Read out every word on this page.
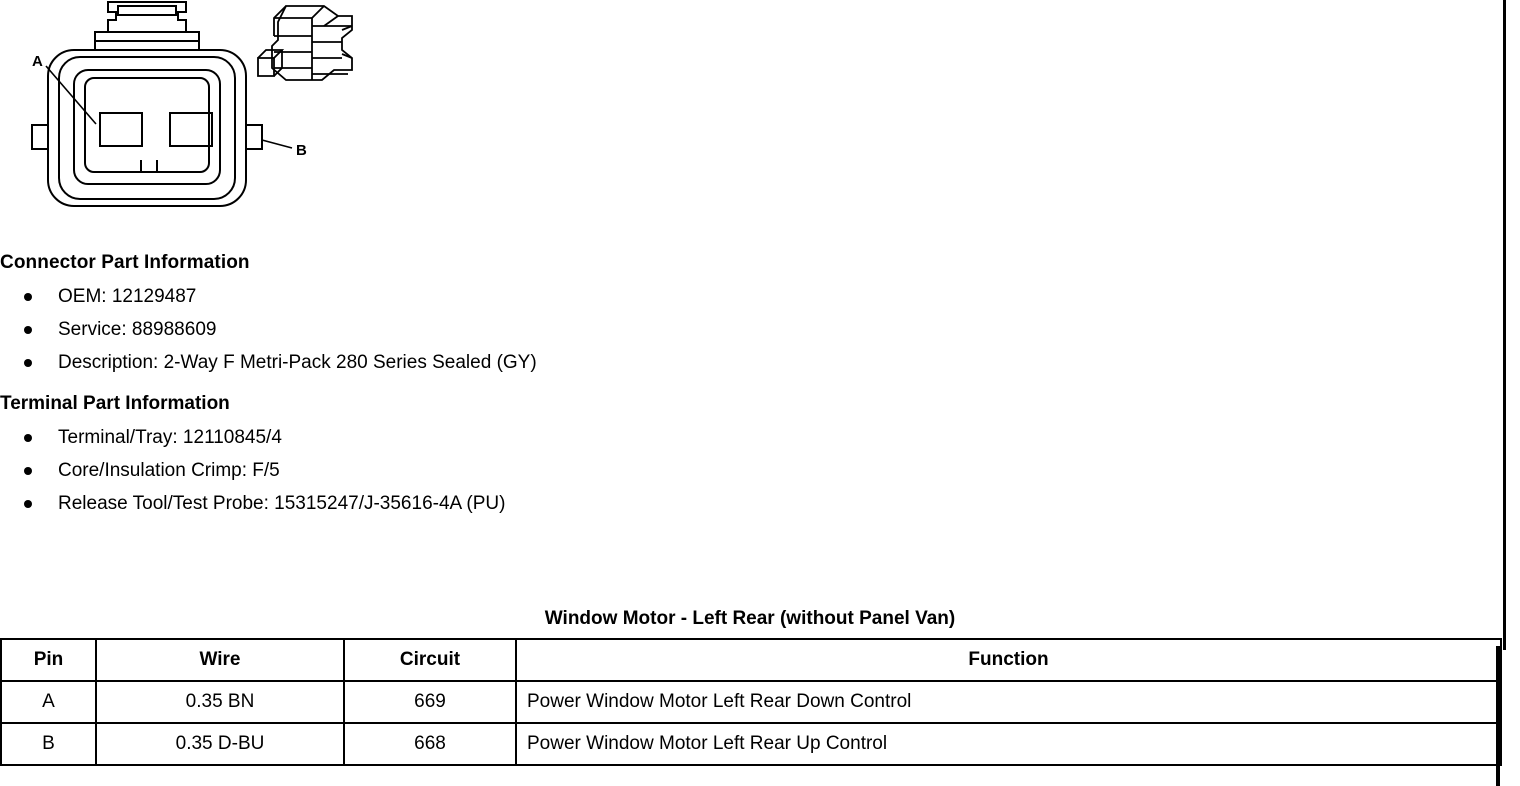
A
B
Connector Part Information
OEM: 12129487
Service: 88988609
Description: 2-Way F Metri-Pack 280 Series Sealed (GY)
Terminal Part Information
Terminal/Tray: 12110845/4
Core/Insulation Crimp: F/5
Release Tool/Test Probe: 15315247/J-35616-4A (PU)
Window Motor - Left Rear (without Panel Van)
Pin	Wire	Circuit	Function
A	0.35 BN	669	Power Window Motor Left Rear Down Control
B	0.35 D-BU	668	Power Window Motor Left Rear Up Control
